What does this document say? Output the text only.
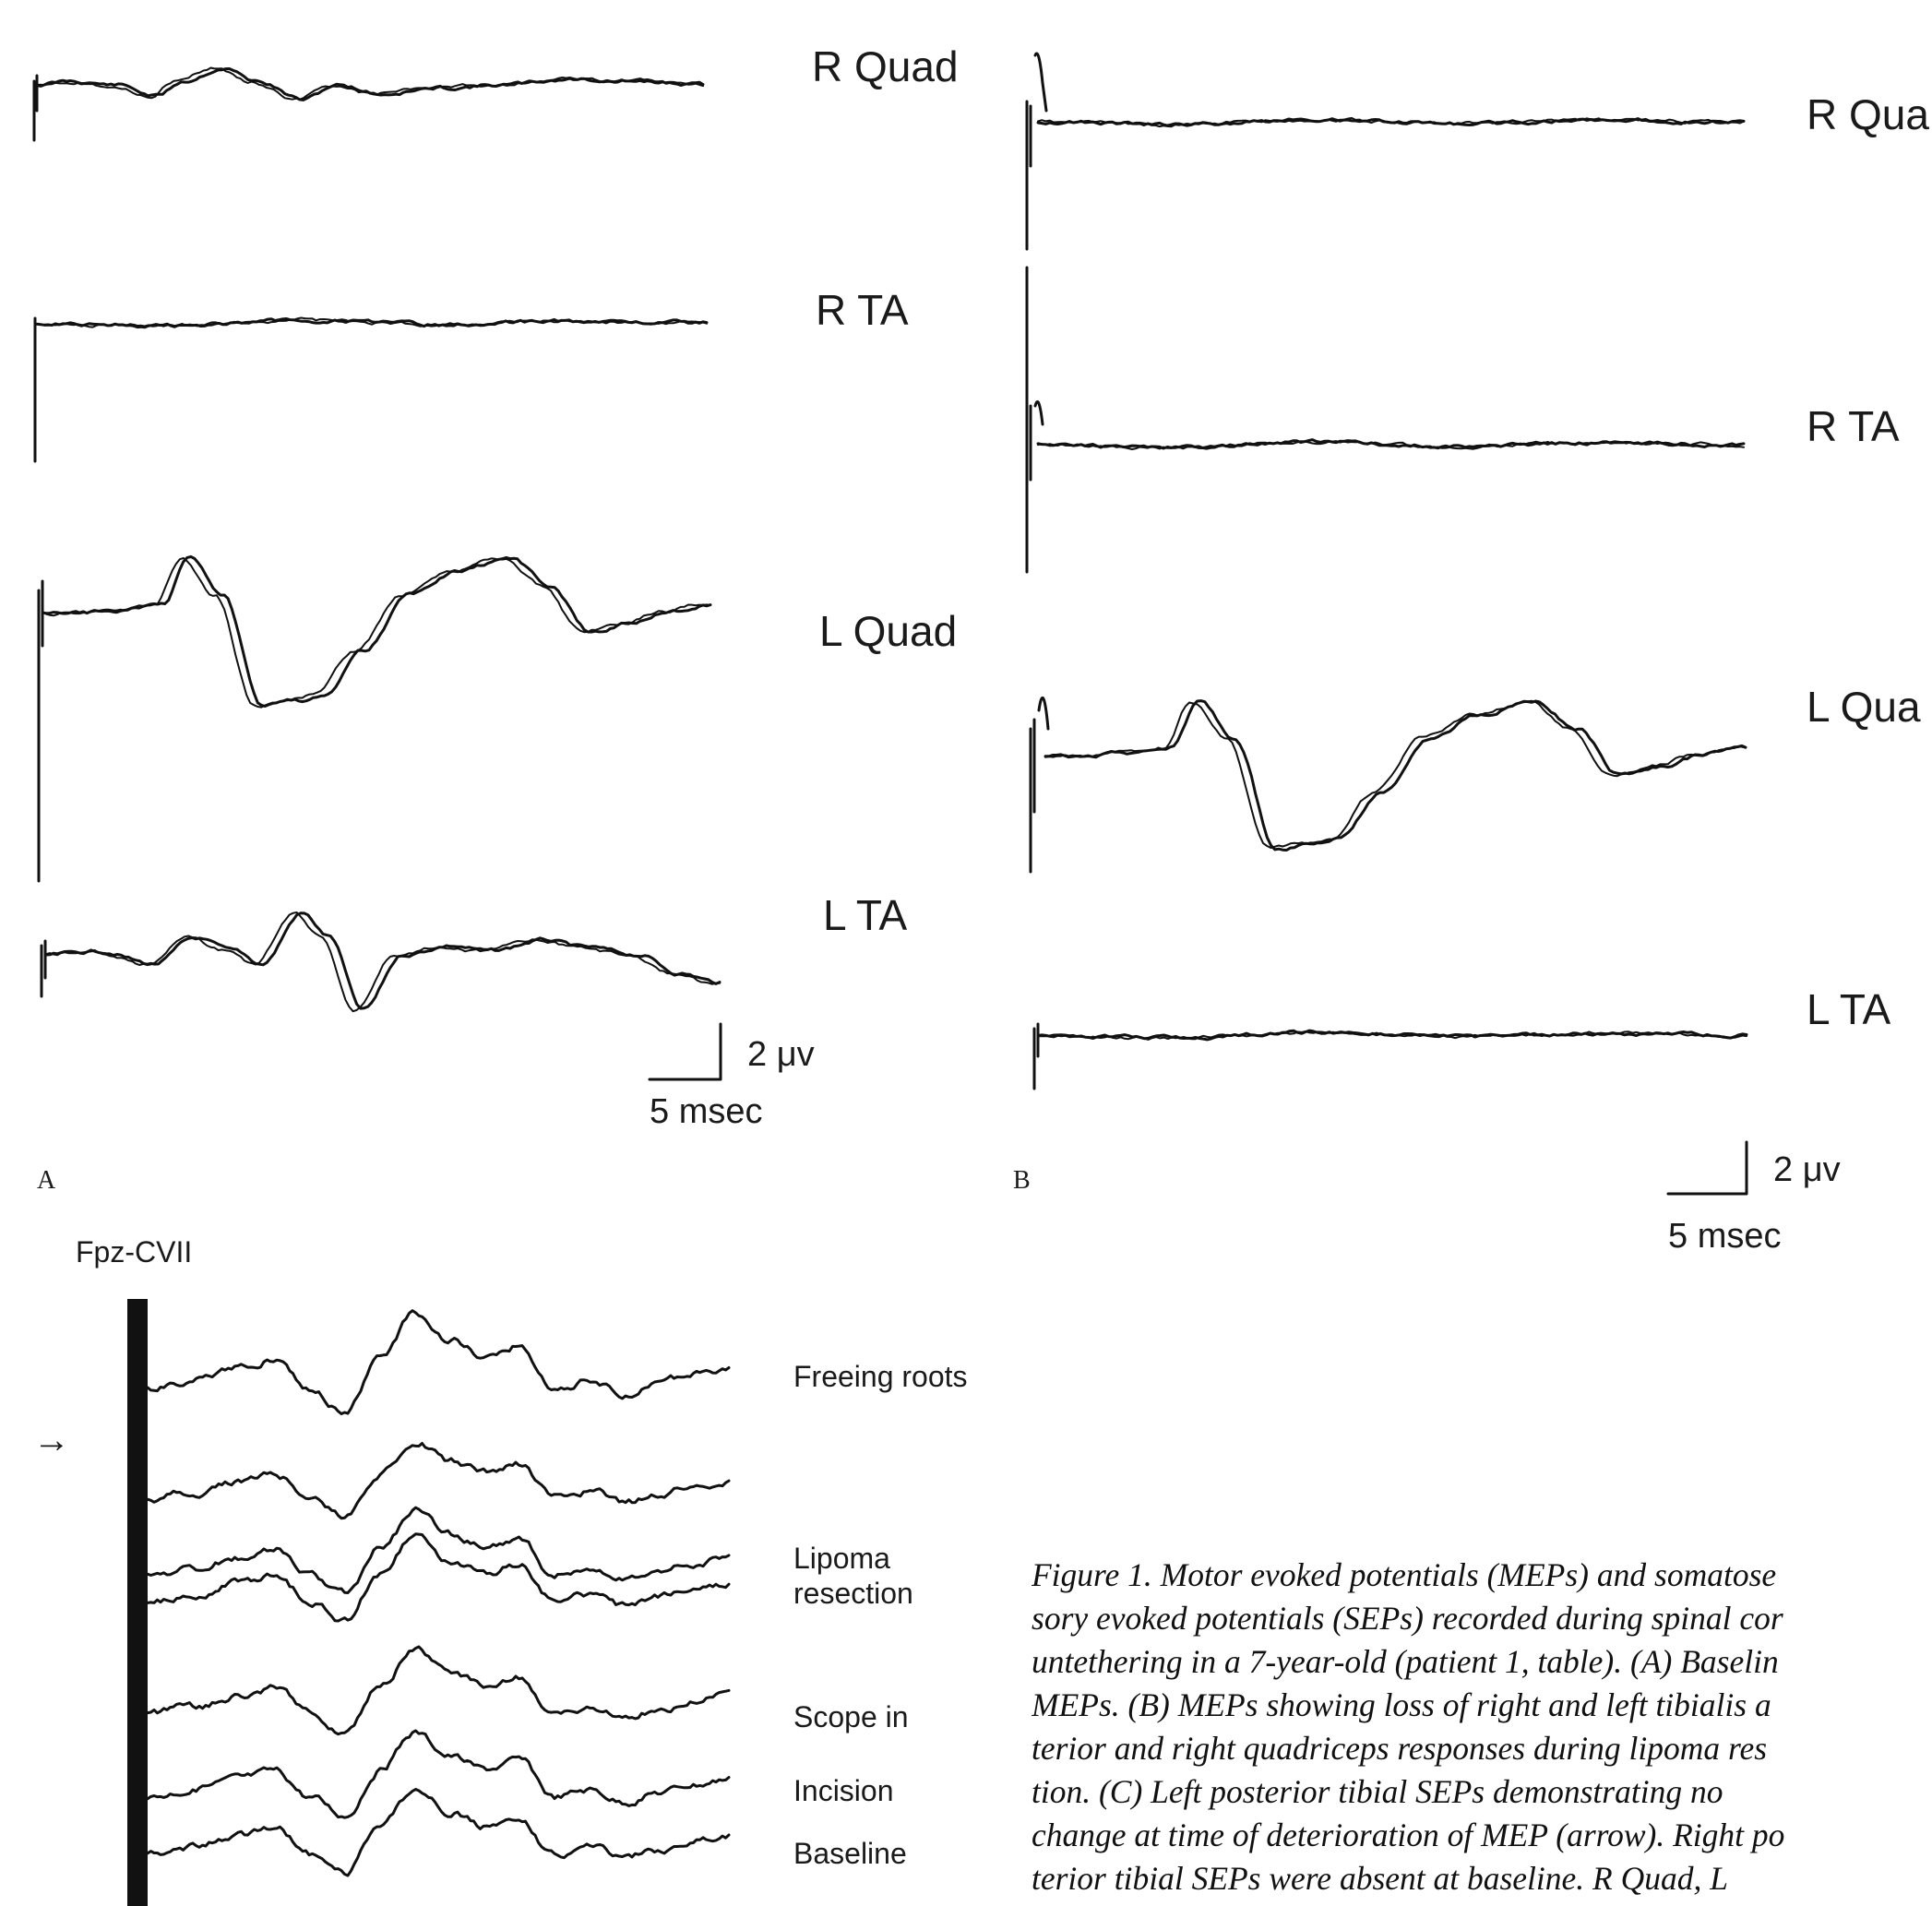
R Quad
R TA
L Quad
L TA
2 μv
5 msec
A
R Qua
R TA
L Qua
L TA
2 μv
5 msec
B
Fpz-CVII
→
Freeing roots
Lipoma
resection
Scope in
Incision
Baseline

Figure 1. Motor evoked potentials (MEPs) and somatose
sory evoked potentials (SEPs) recorded during spinal cor
untethering in a 7-year-old (patient 1, table). (A) Baselin
MEPs. (B) MEPs showing loss of right and left tibialis a
terior and right quadriceps responses during lipoma res
tion. (C) Left posterior tibial SEPs demonstrating no
change at time of deterioration of MEP (arrow). Right po
terior tibial SEPs were absent at baseline. R Quad, L
